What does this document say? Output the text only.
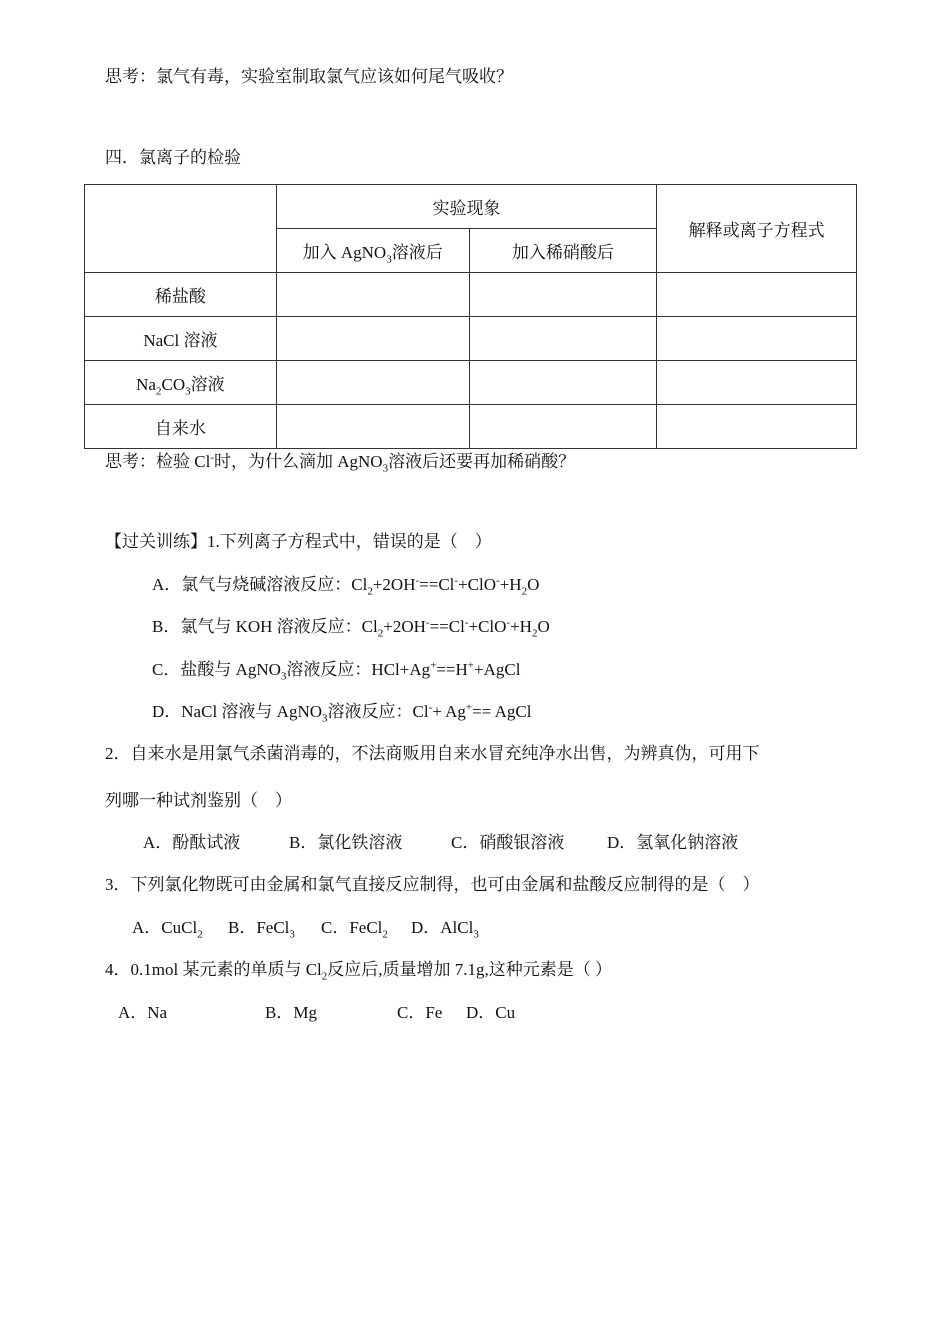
思考：氯气有毒，实验室制取氯气应该如何尾气吸收？
四．氯离子的检验
	实验现象		解释或离子方程式
	加入 AgNO$_3$溶液后	加入稀硝酸后	
稀盐酸			
NaCl 溶液			
$Na_2CO_3$溶液			
自来水			
思考：检验 Cl-时，为什么滴加 AgNO$_3$溶液后还要再加稀硝酸？
【过关训练】1.下列离子方程式中，错误的是（　）
A．氯气与烧碱溶液反应：$Cl_2+2OH^-==Cl^-+ClO^-+H_2O$
B．氯气与 KOH 溶液反应：$Cl_2+2OH^-==Cl^-+ClO^-+H_2O$
C．盐酸与 AgNO$_3$溶液反应：HCl+Ag+==H++AgCl
D．NaCl 溶液与 AgNO$_3$溶液反应：Cl-+ Ag+== AgCl
2．自来水是用氯气杀菌消毒的，不法商贩用自来水冒充纯净水出售，为辨真伪，可用下
列哪一种试剂鉴别（　）
A．酚酞试液	B．氯化铁溶液	C．硝酸银溶液	D．氢氧化钠溶液
3．下列氯化物既可由金属和氯气直接反应制得，也可由金属和盐酸反应制得的是（　）
A．CuCl$_2$ B．FeCl$_3$ C．FeCl$_2$ D．AlCl$_3$
4．0.1mol 某元素的单质与 $Cl_2$反应后,质量增加 7.1g,这种元素是（ ）
A．Na	B．Mg	C．Fe D．Cu
